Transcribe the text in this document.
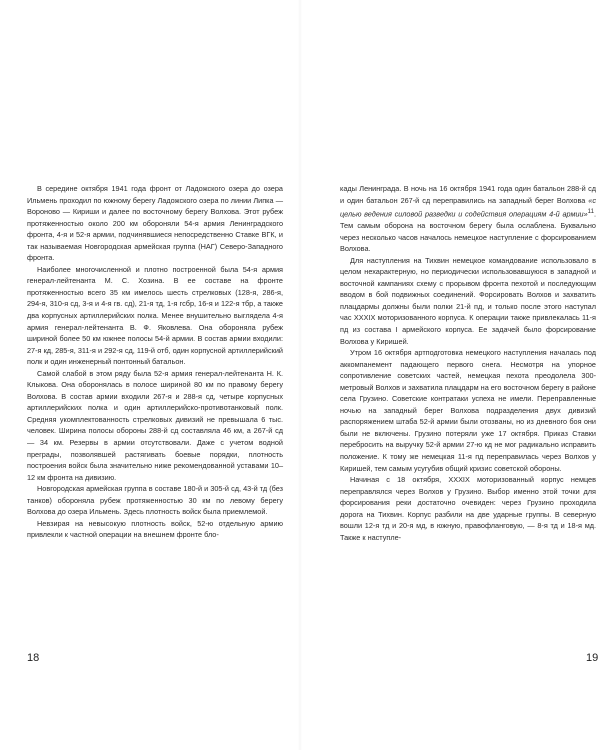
В середине октября 1941 года фронт от Ладожского озера до озера Ильмень проходил по южному берегу Ладожского озера по линии Липка — Вороново — Кириши и далее по восточному берегу Волхова. Этот рубеж протяженностью около 200 км обороняли 54-я армия Ленинградского фронта, 4-я и 52-я армии, подчинявшиеся непосредственно Ставке ВГК, и так называемая Новгородская армейская группа (НАГ) Северо-Западного фронта.

Наиболее многочисленной и плотно построенной была 54-я армия генерал-лейтенанта М. С. Хозина. В ее составе на фронте протяженностью всего 35 км имелось шесть стрелковых (128-я, 286-я, 294-я, 310-я сд, 3-я и 4-я гв. сд), 21-я тд, 1-я гсбр, 16-я и 122-я тбр, а также два корпусных артиллерийских полка. Менее внушительно выглядела 4-я армия генерал-лейтенанта В. Ф. Яковлева. Она обороняла рубеж шириной более 50 км южнее полосы 54-й армии. В состав армии входили: 27-я кд, 285-я, 311-я и 292-я сд, 119-й отб, один корпусной артиллерийский полк и один инженерный понтонный батальон.

Самой слабой в этом ряду была 52-я армия генерал-лейтенанта Н. К. Клыкова. Она оборонялась в полосе шириной 80 км по правому берегу Волхова. В состав армии входили 267-я и 288-я сд, четыре корпусных артиллерийских полка и один артиллерийско-противотанковый полк. Средняя укомплектованность стрелковых дивизий не превышала 6 тыс. человек. Ширина полосы обороны 288-й сд составляла 46 км, а 267-й сд — 34 км. Резервы в армии отсутствовали. Даже с учетом водной преграды, позволявшей растягивать боевые порядки, плотность построения войск была значительно ниже рекомендованной уставами 10–12 км фронта на дивизию.

Новгородская армейская группа в составе 180-й и 305-й сд, 43-й тд (без танков) обороняла рубеж протяженностью 30 км по левому берегу Волхова до озера Ильмень. Здесь плотность войск была приемлемой.

Невзирая на невысокую плотность войск, 52-ю отдельную армию привлекли к частной операции на внешнем фронте бло-

18

кады Ленинграда. В ночь на 16 октября 1941 года один батальон 288-й сд и один батальон 267-й сд переправились на западный берег Волхова «с целью ведения силовой разведки и содействия операциям 4-й армии»$^{11}$. Тем самым оборона на восточном берегу была ослаблена. Буквально через несколько часов началось немецкое наступление с форсированием Волхова.

Для наступления на Тихвин немецкое командование использовало в целом нехарактерную, но периодически использовавшуюся в западной и восточной кампаниях схему с прорывом фронта пехотой и последующим вводом в бой подвижных соединений. Форсировать Волхов и захватить плацдармы должны были полки 21-й пд, и только после этого наступал час XXXIX моторизованного корпуса. К операции также привлекалась 11-я пд из состава I армейского корпуса. Ее задачей было форсирование Волхова у Киришей.

Утром 16 октября артподготовка немецкого наступления началась под аккомпанемент падающего первого снега. Несмотря на упорное сопротивление советских частей, немецкая пехота преодолела 300-метровый Волхов и захватила плацдарм на его восточном берегу в районе села Грузино. Советские контратаки успеха не имели. Переправленные ночью на западный берег Волхова подразделения двух дивизий распоряжением штаба 52-й армии были отозваны, но из дневного боя они были не включены. Грузино потеряли уже 17 октября. Приказ Ставки перебросить на выручку 52-й армии 27-ю кд не мог радикально исправить положение. К тому же немецкая 11-я пд переправилась через Волхов у Киришей, тем самым усугубив общий кризис советской обороны.

Начиная с 18 октября, XXXIX моторизованный корпус немцев переправлялся через Волхов у Грузино. Выбор именно этой точки для форсирования реки достаточно очевиден: через Грузино проходила дорога на Тихвин. Корпус разбили на две ударные группы. В северную вошли 12-я тд и 20-я мд, в южную, правофланговую, — 8-я тд и 18-я мд. Также к наступле-

19
